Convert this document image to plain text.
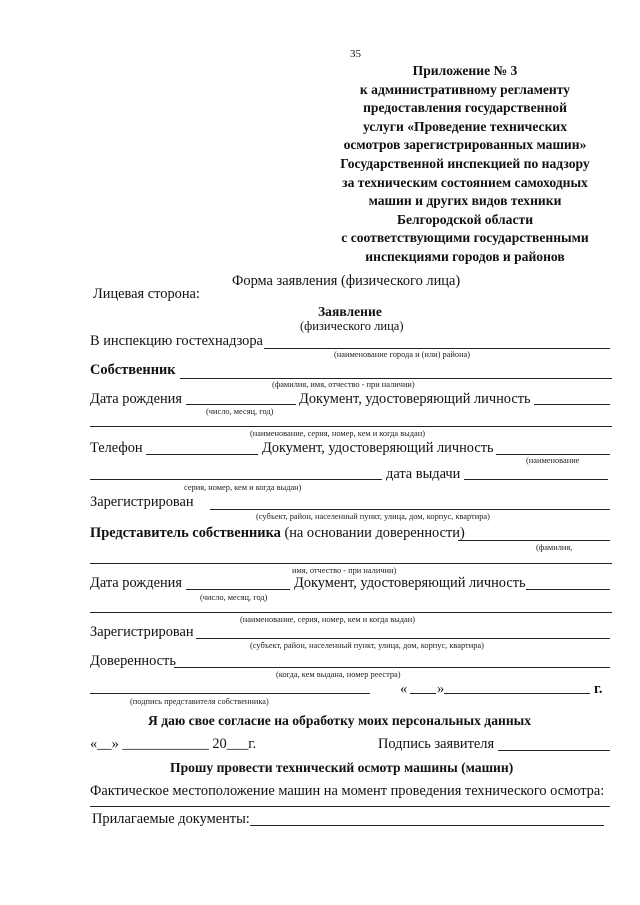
35
Приложение № 3
к административному регламенту
предоставления государственной
услуги «Проведение технических
осмотров зарегистрированных машин»
Государственной инспекцией по надзору
за техническим состоянием самоходных
машин и других видов техники
Белгородской области
с соответствующими государственными
инспекциями городов и районов
Форма заявления (физического лица)
Лицевая сторона:
Заявление
(физического лица)
В инспекцию гостехнадзора
(наименование города и (или) района)
Собственник
(фамилия, имя, отчество - при наличии)
Дата рождения	Документ, удостоверяющий личность
(число, месяц, год)
(наименование, серия, номер, кем и когда выдан)
Телефон	Документ, удостоверяющий личность
(наименование
дата выдачи
серия, номер, кем и когда выдан)
Зарегистрирован
(субъект, район, населенный пункт, улица, дом, корпус, квартира)
Представитель собственника (на основании доверенности)
(фамилия,
имя, отчество - при наличии)
Дата рождения	Документ, удостоверяющий личность
(число, месяц, год)
(наименование, серия, номер, кем и когда выдан)
Зарегистрирован
(субъект, район, населенный пункт, улица, дом, корпус, квартира)
Доверенность
(когда, кем выдана, номер реестра)
« »	г.
(подпись представителя собственника)
Я даю свое согласие на обработку моих персональных данных
«__» ____________ 20___г.	Подпись заявителя
Прошу провести технический осмотр машины (машин)
Фактическое местоположение машин на момент проведения технического осмотра:
Прилагаемые документы:
